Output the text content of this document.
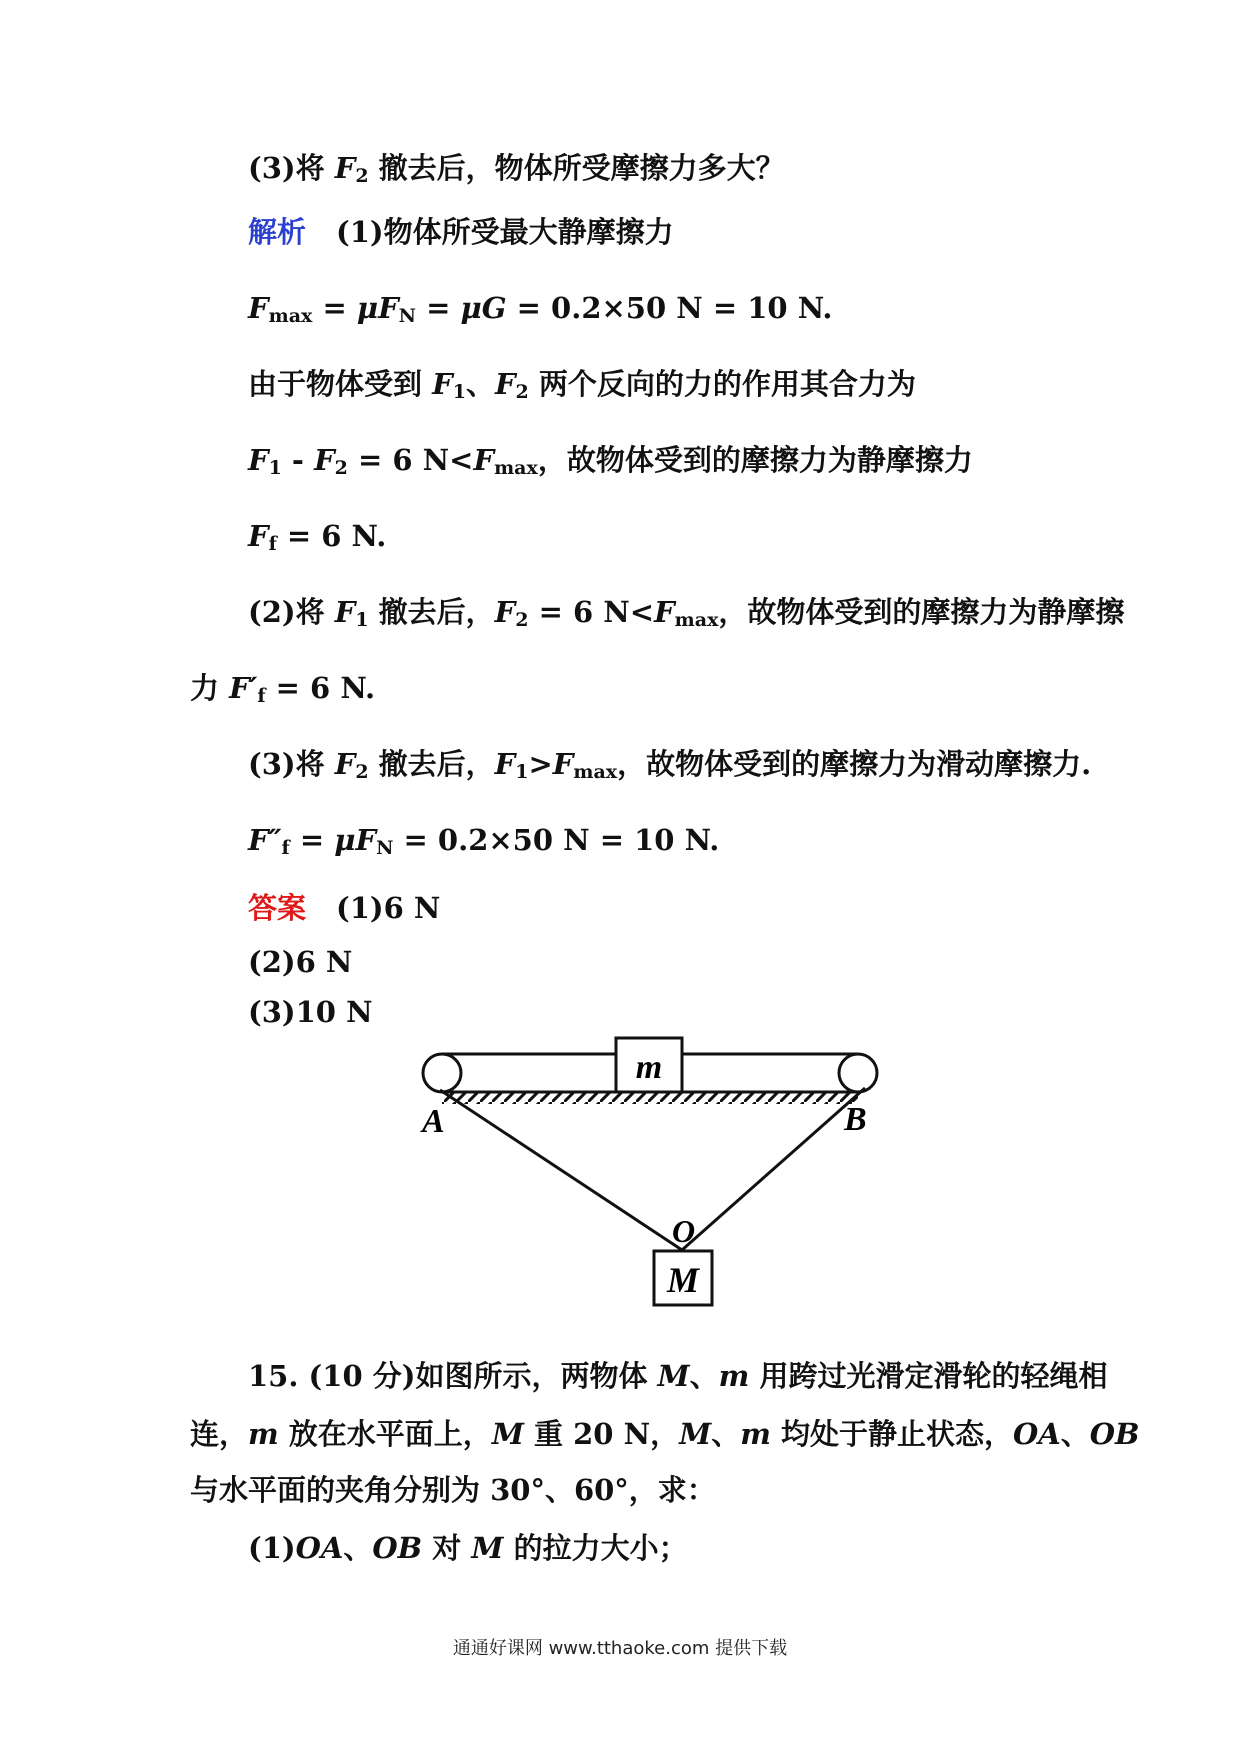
(3)将 $F_2$ 撤去后，物体所受摩擦力多大？
解析 (1)物体所受最大静摩擦力
$F_{max} = \mu F_N = \mu G = 0.2\times 50$ N = 10 N.
由于物体受到 $F_1$、$F_2$ 两个反向的力的作用其合力为
$F_1 - F_2 = 6$ $N<F_{max}$，故物体受到的摩擦力为静摩擦力
$F_f = 6$ N.
(2)将 $F_1$ 撤去后，$F_2 = 6$ $N<F_{max}$，故物体受到的摩擦力为静摩擦
力 $F'_f = 6$ N.
(3)将 $F_2$ 撤去后，$F_1>F_{max}$，故物体受到的摩擦力为滑动摩擦力.
$F''_f = \mu F_N = 0.2\times 50$ N = 10 N.
答案 (1)6 N
(2)6 N
(3)10 N
m
M
A	B
O
15. (10 分)如图所示，两物体 M、m 用跨过光滑定滑轮的轻绳相
连，m 放在水平面上，M 重 20 N，M、m 均处于静止状态，OA、OB
与水平面的夹角分别为 30°、60°，求：
(1)OA、OB 对 M 的拉力大小；
通通好课网 www.tthaoke.com 提供下载
